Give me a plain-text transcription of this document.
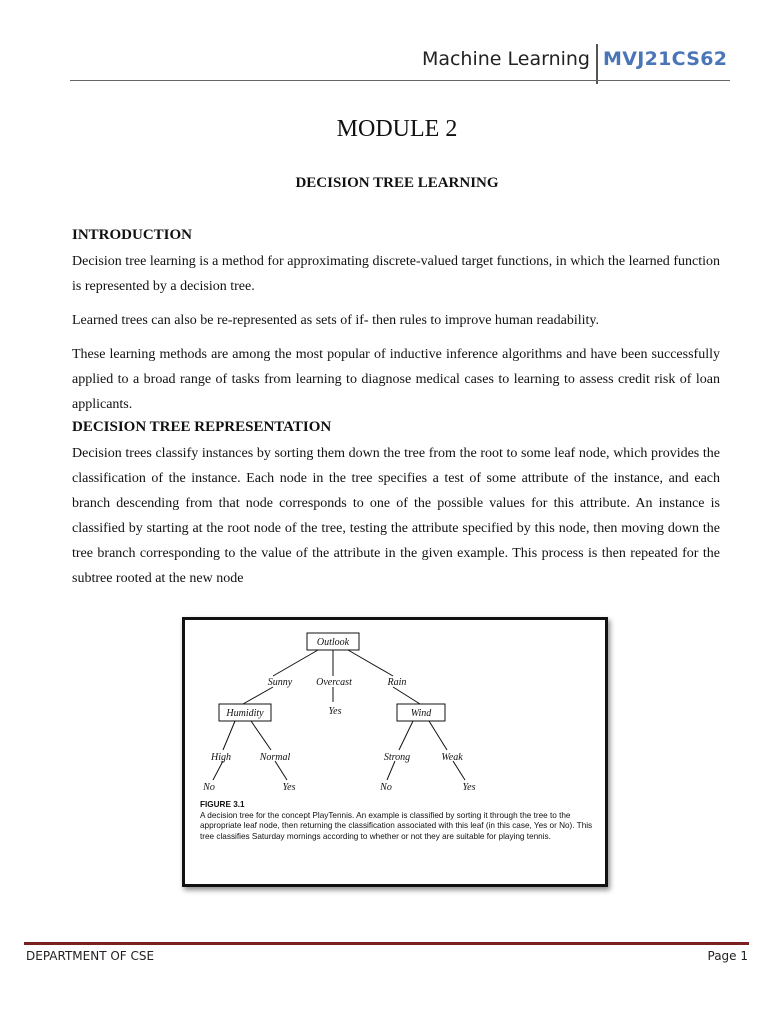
Machine Learning MVJ21CS62
MODULE 2
DECISION TREE LEARNING
INTRODUCTION

Decision tree learning is a method for approximating discrete-valued target functions, in which the learned function is represented by a decision tree.

Learned trees can also be re-represented as sets of if- then rules to improve human readability.

These learning methods are among the most popular of inductive inference algorithms and have been successfully applied to a broad range of tasks from learning to diagnose medical cases to learning to assess credit risk of loan applicants.

DECISION TREE REPRESENTATION

Decision trees classify instances by sorting them down the tree from the root to some leaf node, which provides the classification of the instance. Each node in the tree specifies a test of some attribute of the instance, and each branch descending from that node corresponds to one of the possible values for this attribute. An instance is classified by starting at the root node of the tree, testing the attribute specified by this node, then moving down the tree branch corresponding to the value of the attribute in the given example. This process is then repeated for the subtree rooted at the new node

Outlook
Humidity	Wind
Sunny Overcast	Rain
High	Normal	Strong	Weak
Yes
No	Yes	No	Yes
FIGURE 3.1
A decision tree for the concept PlayTennis. An example is classified by sorting it through the tree to the appropriate leaf node, then returning the classification associated with this leaf (in this case, Yes or No). This tree classifies Saturday mornings according to whether or not they are suitable for playing tennis.
DEPARTMENT OF CSE	Page 1
